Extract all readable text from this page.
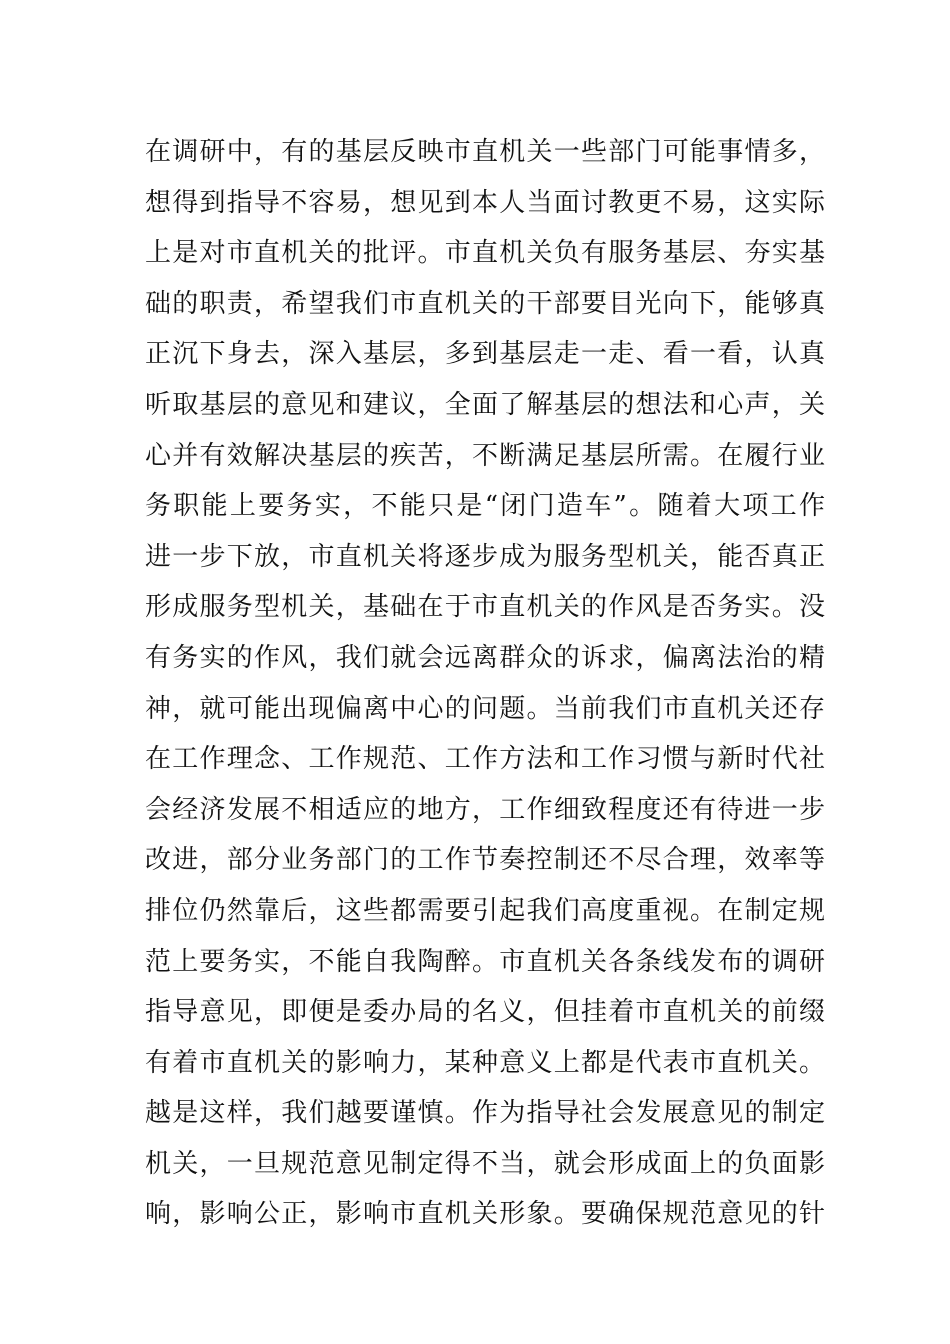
在调研中，有的基层反映市直机关一些部门可能事情多，
想得到指导不容易，想见到本人当面讨教更不易，这实际
上是对市直机关的批评。市直机关负有服务基层、夯实基
础的职责，希望我们市直机关的干部要目光向下，能够真
正沉下身去，深入基层，多到基层走一走、看一看，认真
听取基层的意见和建议，全面了解基层的想法和心声，关
心并有效解决基层的疾苦，不断满足基层所需。在履行业
务职能上要务实，不能只是“闭门造车”。随着大项工作
进一步下放，市直机关将逐步成为服务型机关，能否真正
形成服务型机关，基础在于市直机关的作风是否务实。没
有务实的作风，我们就会远离群众的诉求，偏离法治的精
神，就可能出现偏离中心的问题。当前我们市直机关还存
在工作理念、工作规范、工作方法和工作习惯与新时代社
会经济发展不相适应的地方，工作细致程度还有待进一步
改进，部分业务部门的工作节奏控制还不尽合理，效率等
排位仍然靠后，这些都需要引起我们高度重视。在制定规
范上要务实，不能自我陶醉。市直机关各条线发布的调研
指导意见，即便是委办局的名义，但挂着市直机关的前缀
有着市直机关的影响力，某种意义上都是代表市直机关。
越是这样，我们越要谨慎。作为指导社会发展意见的制定
机关，一旦规范意见制定得不当，就会形成面上的负面影
响，影响公正，影响市直机关形象。要确保规范意见的针
